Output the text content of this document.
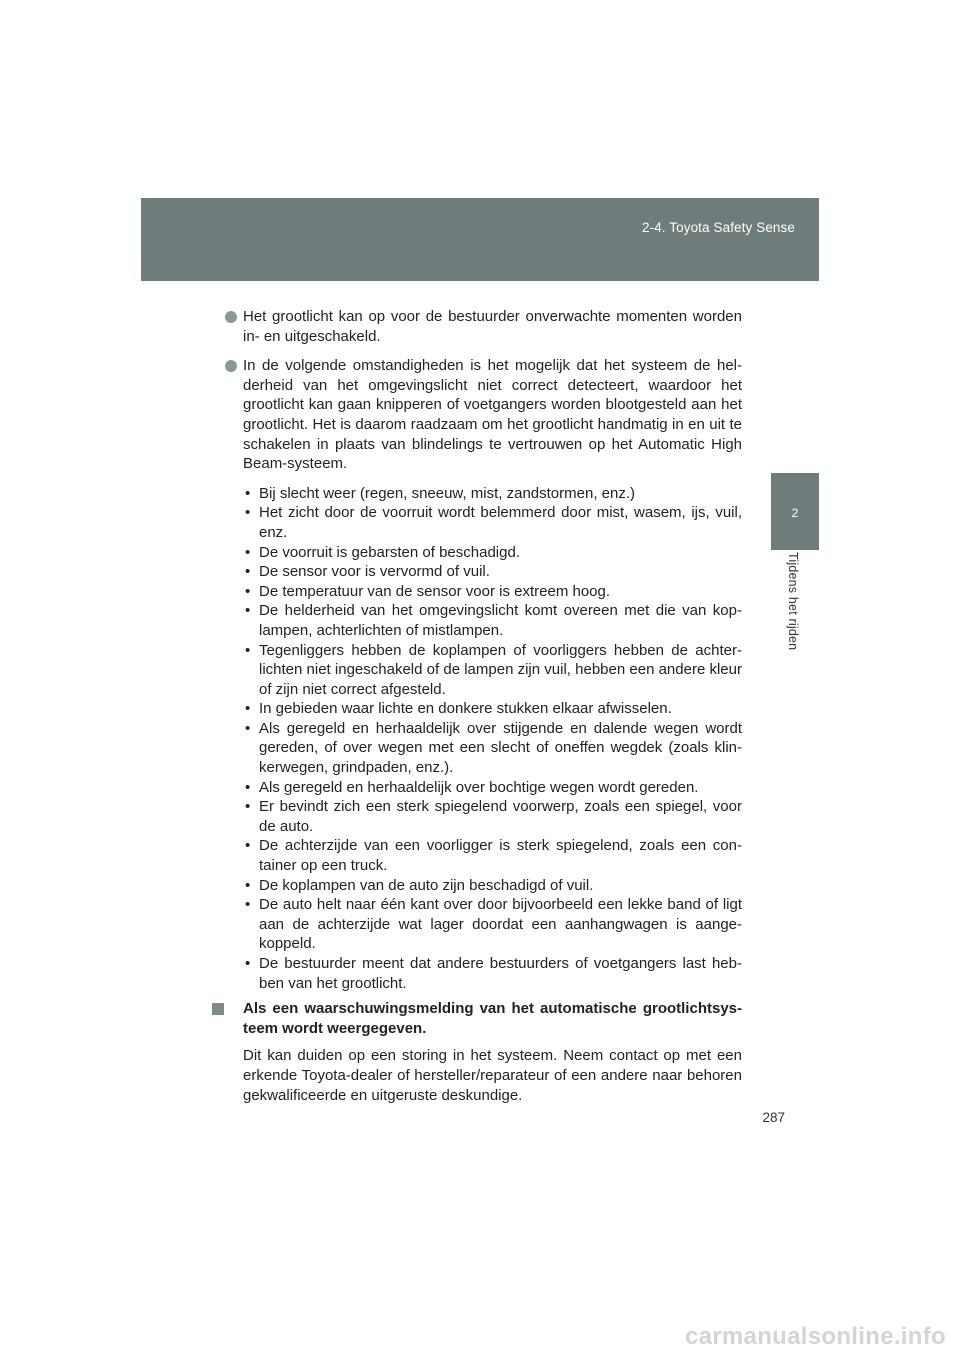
2-4. Toyota Safety Sense
2
Tijdens het rijden

Het grootlicht kan op voor de bestuurder onverwachte momenten worden in- en uitgeschakeld.

In de volgende omstandigheden is het mogelijk dat het systeem de hel-derheid van het omgevingslicht niet correct detecteert, waardoor het grootlicht kan gaan knipperen of voetgangers worden blootgesteld aan het grootlicht. Het is daarom raadzaam om het grootlicht handmatig in en uit te schakelen in plaats van blindelings te vertrouwen op het Automatic High Beam-systeem.

• Bij slecht weer (regen, sneeuw, mist, zandstormen, enz.)
• Het zicht door de voorruit wordt belemmerd door mist, wasem, ijs, vuil, enz.
• De voorruit is gebarsten of beschadigd.
• De sensor voor is vervormd of vuil.
• De temperatuur van de sensor voor is extreem hoog.
• De helderheid van het omgevingslicht komt overeen met die van kop-lampen, achterlichten of mistlampen.
• Tegenliggers hebben de koplampen of voorliggers hebben de achter-lichten niet ingeschakeld of de lampen zijn vuil, hebben een andere kleur of zijn niet correct afgesteld.
• In gebieden waar lichte en donkere stukken elkaar afwisselen.
• Als geregeld en herhaaldelijk over stijgende en dalende wegen wordt gereden, of over wegen met een slecht of oneffen wegdek (zoals klin-kerwegen, grindpaden, enz.).
• Als geregeld en herhaaldelijk over bochtige wegen wordt gereden.
• Er bevindt zich een sterk spiegelend voorwerp, zoals een spiegel, voor de auto.
• De achterzijde van een voorligger is sterk spiegelend, zoals een con-tainer op een truck.
• De koplampen van de auto zijn beschadigd of vuil.
• De auto helt naar één kant over door bijvoorbeeld een lekke band of ligt aan de achterzijde wat lager doordat een aanhangwagen is aange-koppeld.
• De bestuurder meent dat andere bestuurders of voetgangers last heb-ben van het grootlicht.

Als een waarschuwingsmelding van het automatische grootlichtsys-teem wordt weergegeven.

Dit kan duiden op een storing in het systeem. Neem contact op met een erkende Toyota-dealer of hersteller/reparateur of een andere naar behoren gekwalificeerde en uitgeruste deskundige.

287
carmanualsonline.info
